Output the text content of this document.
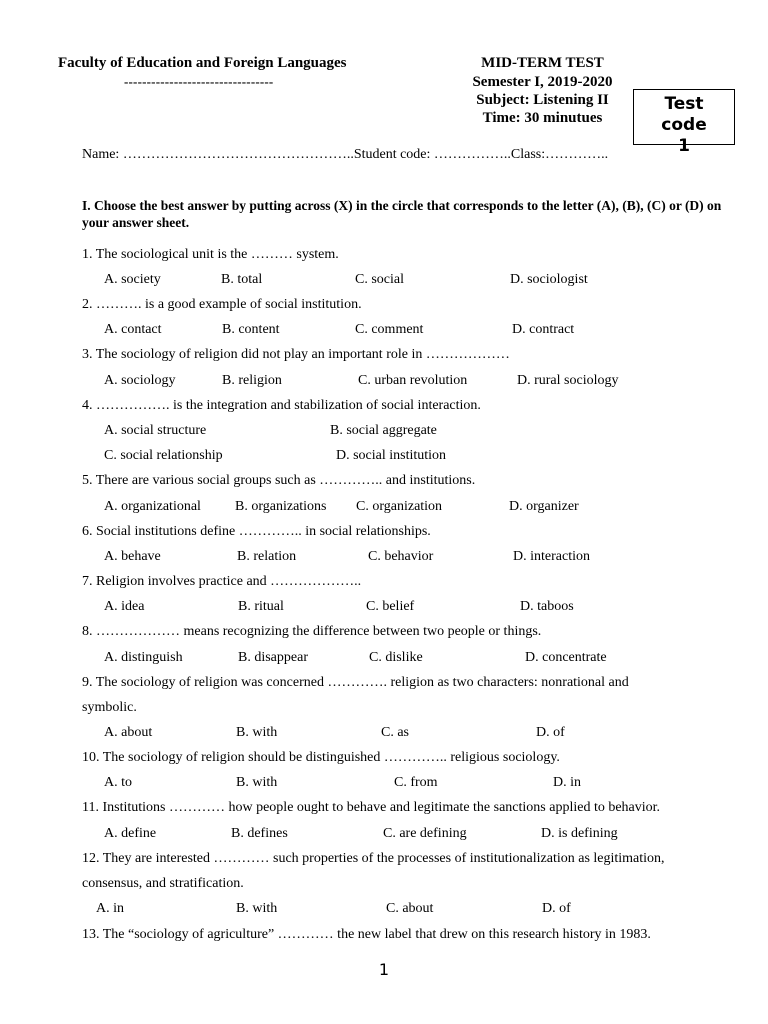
Faculty of Education and Foreign Languages
---------------------------------
MID-TERM TEST
Semester I, 2019-2020
Subject: Listening II
Time: 30 minutues
Test code
1
Name: …………………………………………..Student code: ……………..Class:…………..
I. Choose the best answer by putting across (X) in the circle that corresponds to the letter (A), (B), (C) or (D) on your answer sheet.
1. The sociological unit is the ……… system.
A. society	B. total	C. social	D. sociologist
2. ………. is a good example of social institution.
A. contact	B. content	C. comment	D. contract
3. The sociology of religion did not play an important role in ………………
A. sociology	B. religion	C. urban revolution	D. rural sociology
4. ……………. is the integration and stabilization of social interaction.
A. social structure	B. social aggregate
C. social relationship	D. social institution
5. There are various social groups such as ………….. and institutions.
A. organizational B. organizations C. organization	D. organizer
6. Social institutions define ………….. in social relationships.
A. behave	B. relation	C. behavior	D. interaction
7. Religion involves practice and ………………..
A. idea	B. ritual	C. belief	D. taboos
8. ……………… means recognizing the difference between two people or things.
A. distinguish	B. disappear	C. dislike	D. concentrate
9. The sociology of religion was concerned …………. religion as two characters: nonrational and
symbolic.
A. about	B. with	C. as	D. of
10. The sociology of religion should be distinguished ………….. religious sociology.
A. to	B. with	C. from	D. in
11. Institutions ………… how people ought to behave and legitimate the sanctions applied to behavior.
A. define	B. defines	C. are defining	D. is defining
12. They are interested ………… such properties of the processes of institutionalization as legitimation,
consensus, and stratification.
A. in	B. with	C. about	D. of
13. The “sociology of agriculture” ………… the new label that drew on this research history in 1983.
1
